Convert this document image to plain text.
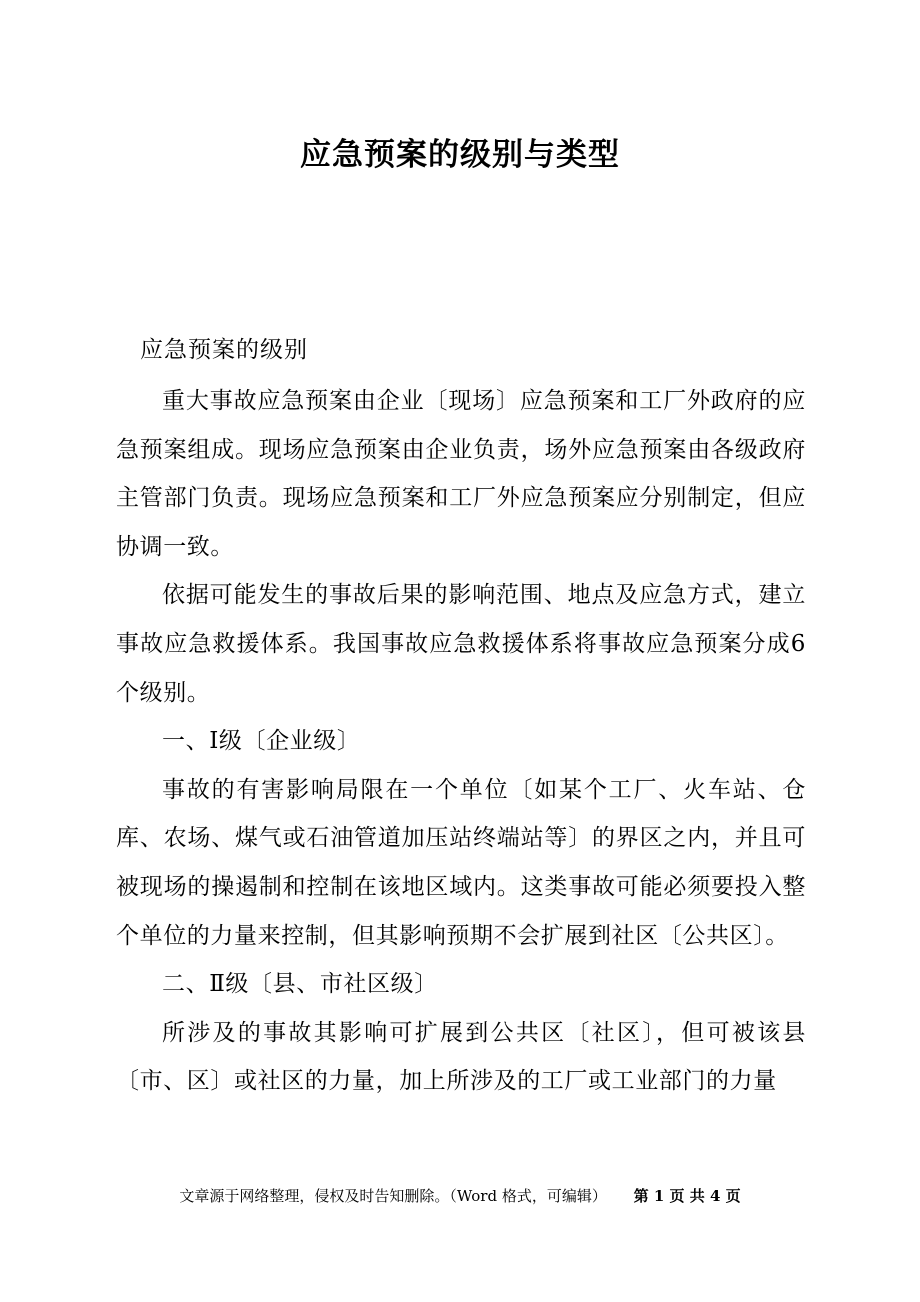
应急预案的级别与类型
应急预案的级别

重大事故应急预案由企业〔现场〕应急预案和工厂外政府的应急预案组成。现场应急预案由企业负责，场外应急预案由各级政府主管部门负责。现场应急预案和工厂外应急预案应分别制定，但应协调一致。

依据可能发生的事故后果的影响范围、地点及应急方式，建立事故应急救援体系。我国事故应急救援体系将事故应急预案分成6个级别。

一、Ⅰ级〔企业级〕

事故的有害影响局限在一个单位〔如某个工厂、火车站、仓库、农场、煤气或石油管道加压站终端站等〕的界区之内，并且可被现场的操遏制和控制在该地区域内。这类事故可能必须要投入整个单位的力量来控制，但其影响预期不会扩展到社区〔公共区〕。

二、Ⅱ级〔县、市社区级〕

所涉及的事故其影响可扩展到公共区〔社区〕，但可被该县〔市、区〕或社区的力量，加上所涉及的工厂或工业部门的力量

文章源于网络整理，侵权及时告知删除。（Word 格式，可编辑） 第 1 页 共 4 页
